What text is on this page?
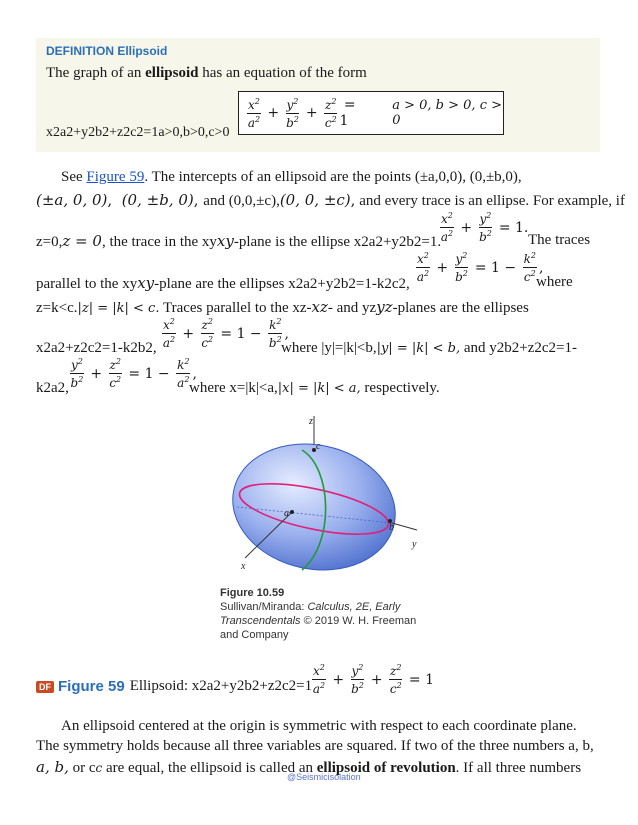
DEFINITION Ellipsoid
The graph of an ellipsoid has an equation of the form
$\frac{x^2}{a^2} + \frac{y^2}{b^2} + \frac{z^2}{c^2} = 1$
a > 0, b > 0, c > 0
x2a2+y2b2+z2c2=1a>0,b>0,c>0
See Figure 59. The intercepts of an ellipsoid are the points (±a,0,0), (0,±b,0),
(±a, 0, 0),  (0, ±b, 0), and (0,0,±c),(0, 0, ±c), and every trace is an ellipse. For example, if
z=0,z = 0, the trace in the xyxy-plane is the ellipse x2a2+y2b2=1.
$\frac{x^2}{a^2} + \frac{y^2}{b^2} = 1$.
The traces
parallel to the xyxy-plane are the ellipses x2a2+y2b2=1-k2c2,
$\frac{x^2}{a^2} + \frac{y^2}{b^2} = 1 - \frac{k^2}{c^2}$ ,
where
z=k<c.|z| = |k| < c. Traces parallel to the xz-xz- and yzyz-planes are the ellipses
x2a2+z2c2=1-k2b2, $\frac{x^2}{a^2} + \frac{z^2}{c^2} = 1 - \frac{k^2}{b^2}$ ,
where |y|=|k|<b,|y| = |k| < b, and y2b2+z2c2=1-
k2a2, $\frac{y^2}{b^2} + \frac{z^2}{c^2} = 1 - \frac{k^2}{a^2}$ ,
where x=|k|<a,|x| = |k| < a, respectively.
z
c
a
b
y
x
Figure 10.59
Sullivan/Miranda: Calculus, 2E, Early
Transcendentals © 2019 W. H. Freeman
and Company
DF Figure 59 Ellipsoid: $x2a2+y2b2+z2c2=1 \frac{x^2}{a^2} + \frac{y^2}{b^2} + \frac{z^2}{c^2} = 1$
An ellipsoid centered at the origin is symmetric with respect to each coordinate plane.
The symmetry holds because all three variables are squared. If two of the three numbers a, b,
a, b, or cc are equal, the ellipsoid is called an ellipsoid of revolution. If all three numbers
@Seismicisolation
